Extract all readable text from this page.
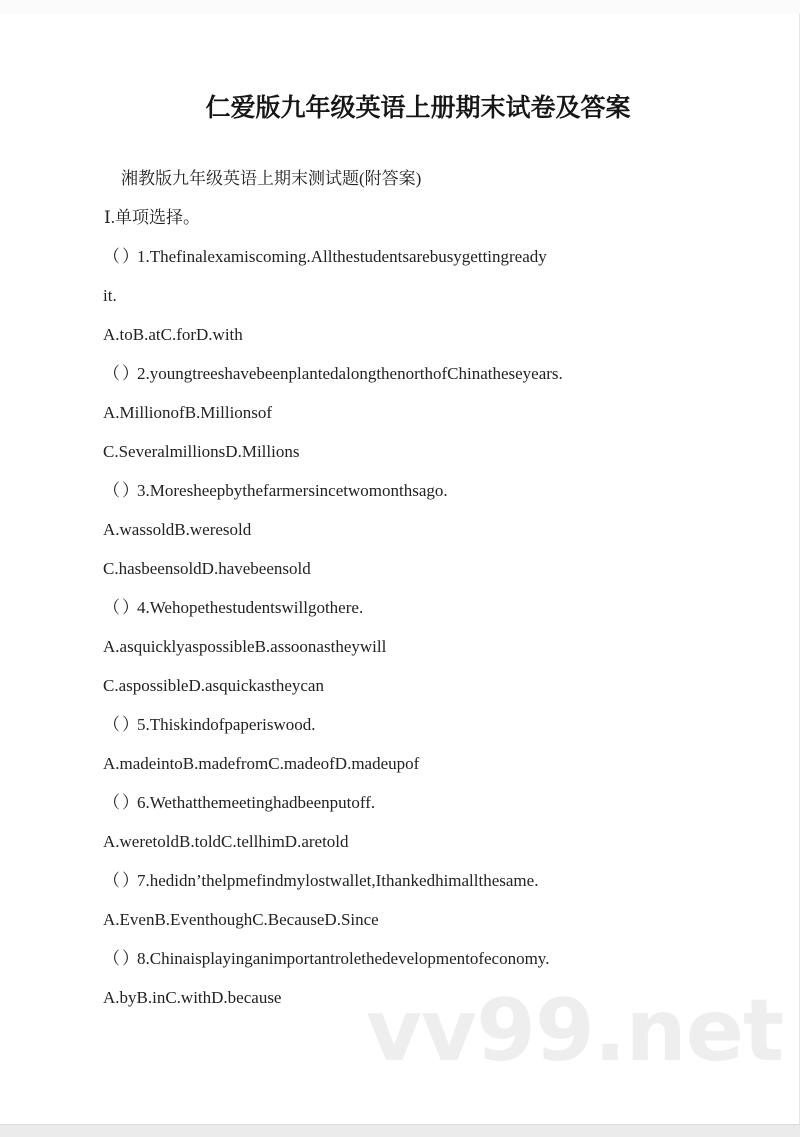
仁爱版九年级英语上册期末试卷及答案
湘教版九年级英语上期末测试题(附答案)
Ⅰ.单项选择。
（）1.Thefinalexamiscoming.Allthestudentsarebusygettingready
it.
A.toB.atC.forD.with
（）2.youngtreeshavebeenplantedalongthenorthofChinatheseyears.
A.MillionofB.Millionsof
C.SeveralmillionsD.Millions
（）3.Moresheepbythefarmersincetwomonthsago.
A.wassoldB.weresold
C.hasbeensoldD.havebeensold
（）4.Wehopethestudentswillgothere.
A.asquicklyaspossibleB.assoonastheywill
C.aspossibleD.asquickastheycan
（）5.Thiskindofpaperiswood.
A.madeintoB.madefromC.madeofD.madeupof
（）6.Wethatthemeetinghadbeenputoff.
A.weretoldB.toldC.tellhimD.aretold
（）7.hedidn’thelpmefindmylostwallet,Ithankedhimallthesame.
A.EvenB.EventhoughC.BecauseD.Since
（）8.Chinaisplayinganimportantrolethedevelopmentofeconomy.
A.byB.inC.withD.because vv99.net
